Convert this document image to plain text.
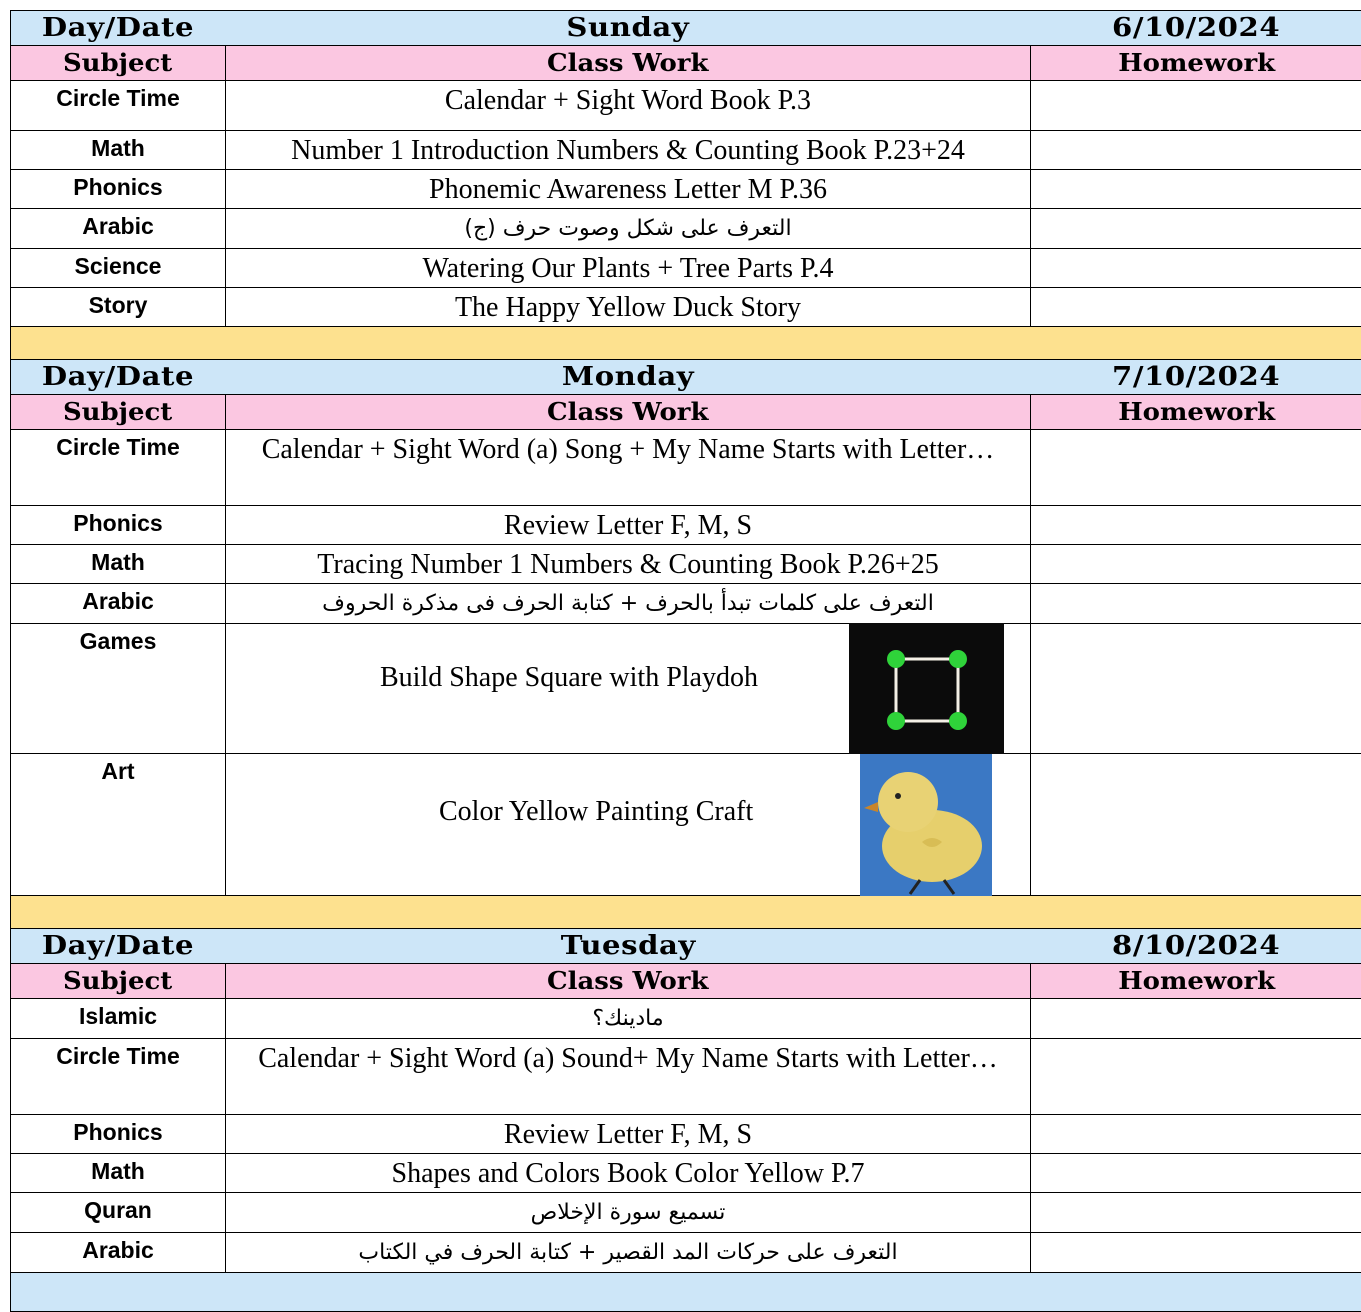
Day/Date	Sunday	6/10/2024
Subject	Class Work	Homework
Circle Time	Calendar + Sight Word Book P.3	
Math	Number 1 Introduction Numbers & Counting Book P.23+24	
Phonics	Phonemic Awareness Letter M P.36	
Arabic	التعرف على شكل وصوت حرف (ج)	
Science	Watering Our Plants + Tree Parts P.4	
Story	The Happy Yellow Duck Story	

Day/Date	Monday	7/10/2024
Subject	Class Work	Homework
Circle Time	Calendar + Sight Word (a) Song + My Name Starts with Letter…	
Phonics	Review Letter F, M, S	
Math	Tracing Number 1 Numbers & Counting Book P.26+25	
Arabic	التعرف على كلمات تبدأ بالحرف + كتابة الحرف فى مذكرة الحروف	
Games	Build Shape Square with Playdoh	

Art	Color Yellow Painting Craft	

Day/Date	Tuesday	8/10/2024
Subject	Class Work	Homework
Islamic	مادينك؟	
Circle Time	Calendar + Sight Word (a) Sound+ My Name Starts with Letter…	
Phonics	Review Letter F, M, S	
Math	Shapes and Colors Book Color Yellow P.7	
Quran	تسميع سورة الإخلاص	
Arabic	التعرف على حركات المد القصير + كتابة الحرف في الكتاب	
